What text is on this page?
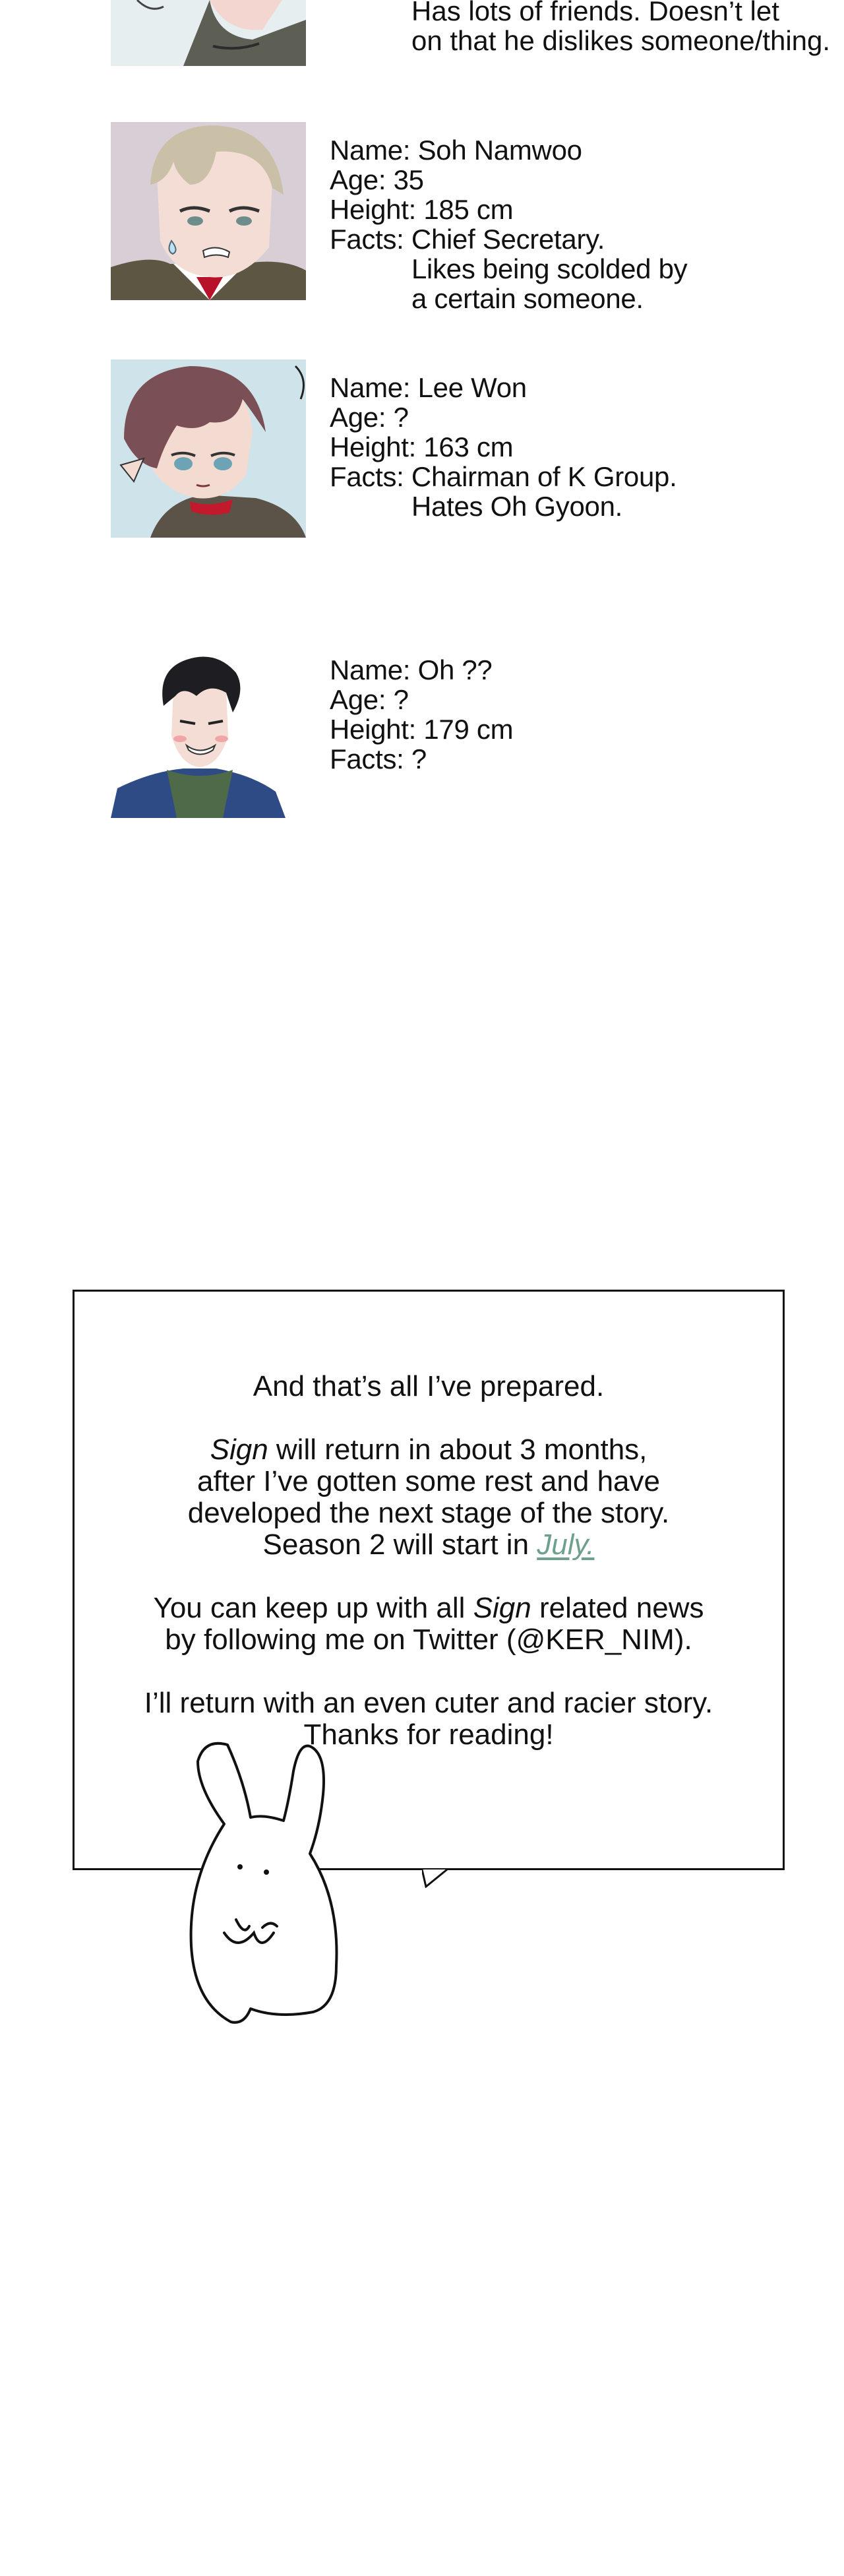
Has lots of friends. Doesn’t let
on that he dislikes someone/thing.
Name: Soh Namwoo
Age: 35
Height: 185 cm
Facts: Chief Secretary.
Likes being scolded by
a certain someone.
Name: Lee Won
Age: ?
Height: 163 cm
Facts: Chairman of K Group.
Hates Oh Gyoon.
Name: Oh ??
Age: ?
Height: 179 cm
Facts: ?

And that’s all I’ve prepared.

Sign will return in about 3 months,
after I’ve gotten some rest and have
developed the next stage of the story.
Season 2 will start in July.

You can keep up with all Sign related news
by following me on Twitter (@KER_NIM).

I’ll return with an even cuter and racier story.
Thanks for reading!
